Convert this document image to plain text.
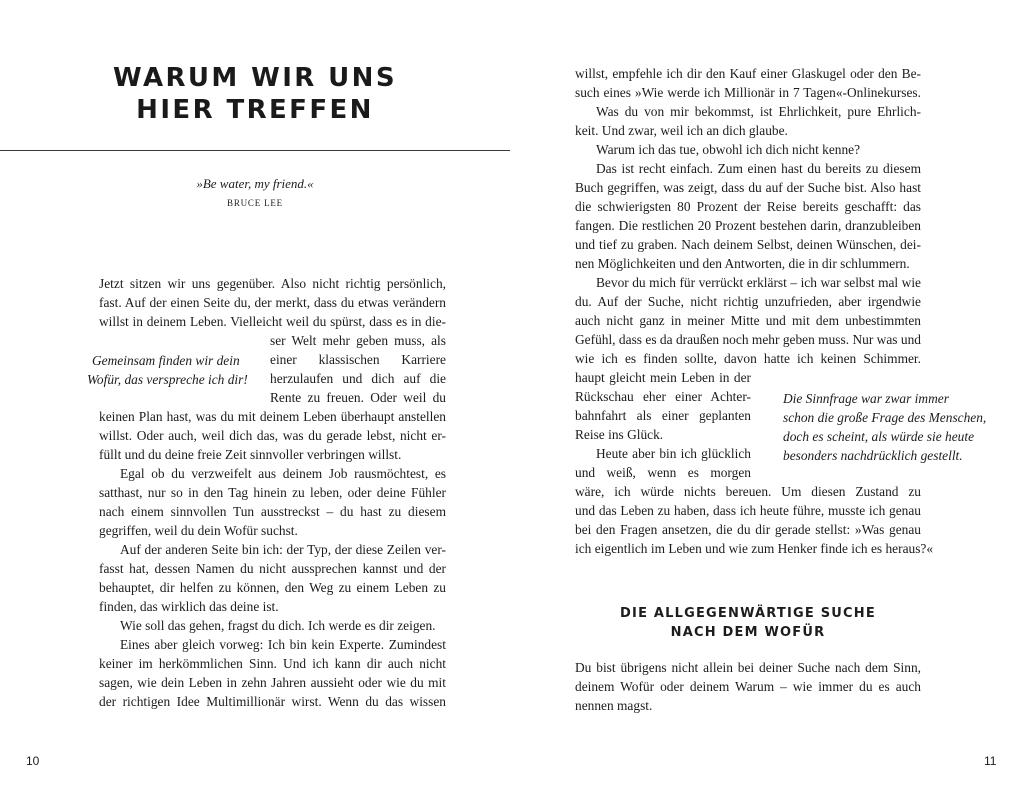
WARUM WIR UNS
HIER TREFFEN
»Be water, my friend.«
BRUCE LEE
Gemeinsam finden wir dein
Wofür, das verspreche ich dir!
Jetzt sitzen wir uns gegenüber. Also nicht richtig persönlich,
fast. Auf der einen Seite du, der merkt, dass du etwas verändern
willst in deinem Leben. Vielleicht weil du spürst, dass es in die-
ser Welt mehr geben muss, als
einer klassischen Karriere
herzulaufen und dich auf die
Rente zu freuen. Oder weil du
keinen Plan hast, was du mit deinem Leben überhaupt anstellen
willst. Oder auch, weil dich das, was du gerade lebst, nicht er-
füllt und du deine freie Zeit sinnvoller verbringen willst.
Egal ob du verzweifelt aus deinem Job rausmöchtest, es
satthast, nur so in den Tag hinein zu leben, oder deine Fühler
nach einem sinnvollen Tun ausstreckst – du hast zu diesem
gegriffen, weil du dein Wofür suchst.
Auf der anderen Seite bin ich: der Typ, der diese Zeilen ver-
fasst hat, dessen Namen du nicht aussprechen kannst und der
behauptet, dir helfen zu können, den Weg zu einem Leben zu
finden, das wirklich das deine ist.
Wie soll das gehen, fragst du dich. Ich werde es dir zeigen.
Eines aber gleich vorweg: Ich bin kein Experte. Zumindest
keiner im herkömmlichen Sinn. Und ich kann dir auch nicht
sagen, wie dein Leben in zehn Jahren aussieht oder wie du mit
der richtigen Idee Multimillionär wirst. Wenn du das wissen
10	11
willst, empfehle ich dir den Kauf einer Glaskugel oder den Be-
such eines »Wie werde ich Millionär in 7 Tagen«-Onlinekurses.
Was du von mir bekommst, ist Ehrlichkeit, pure Ehrlich-
keit. Und zwar, weil ich an dich glaube.
Warum ich das tue, obwohl ich dich nicht kenne?
Das ist recht einfach. Zum einen hast du bereits zu diesem
Buch gegriffen, was zeigt, dass du auf der Suche bist. Also hast
die schwierigsten 80 Prozent der Reise bereits geschafft: das
fangen. Die restlichen 20 Prozent bestehen darin, dranzubleiben
und tief zu graben. Nach deinem Selbst, deinen Wünschen, dei-
nen Möglichkeiten und den Antworten, die in dir schlummern.
Bevor du mich für verrückt erklärst – ich war selbst mal wie
du. Auf der Suche, nicht richtig unzufrieden, aber irgendwie
auch nicht ganz in meiner Mitte und mit dem unbestimmten
Gefühl, dass es da draußen noch mehr geben muss. Nur was und
wie ich es finden sollte, davon hatte ich keinen Schimmer.
haupt gleicht mein Leben in der
Rückschau eher einer Achter-
bahnfahrt als einer geplanten
Reise ins Glück.
Heute aber bin ich glücklich
und weiß, wenn es morgen
wäre, ich würde nichts bereuen. Um diesen Zustand zu
und das Leben zu haben, dass ich heute führe, musste ich genau
bei den Fragen ansetzen, die du dir gerade stellst: »Was genau
ich eigentlich im Leben und wie zum Henker finde ich es heraus?«
Die Sinnfrage war zwar immer
schon die große Frage des Menschen,
doch es scheint, als würde sie heute
besonders nachdrücklich gestellt.
DIE ALLGEGENWÄRTIGE SUCHE
NACH DEM WOFÜR
Du bist übrigens nicht allein bei deiner Suche nach dem Sinn,
deinem Wofür oder deinem Warum – wie immer du es auch
nennen magst.
